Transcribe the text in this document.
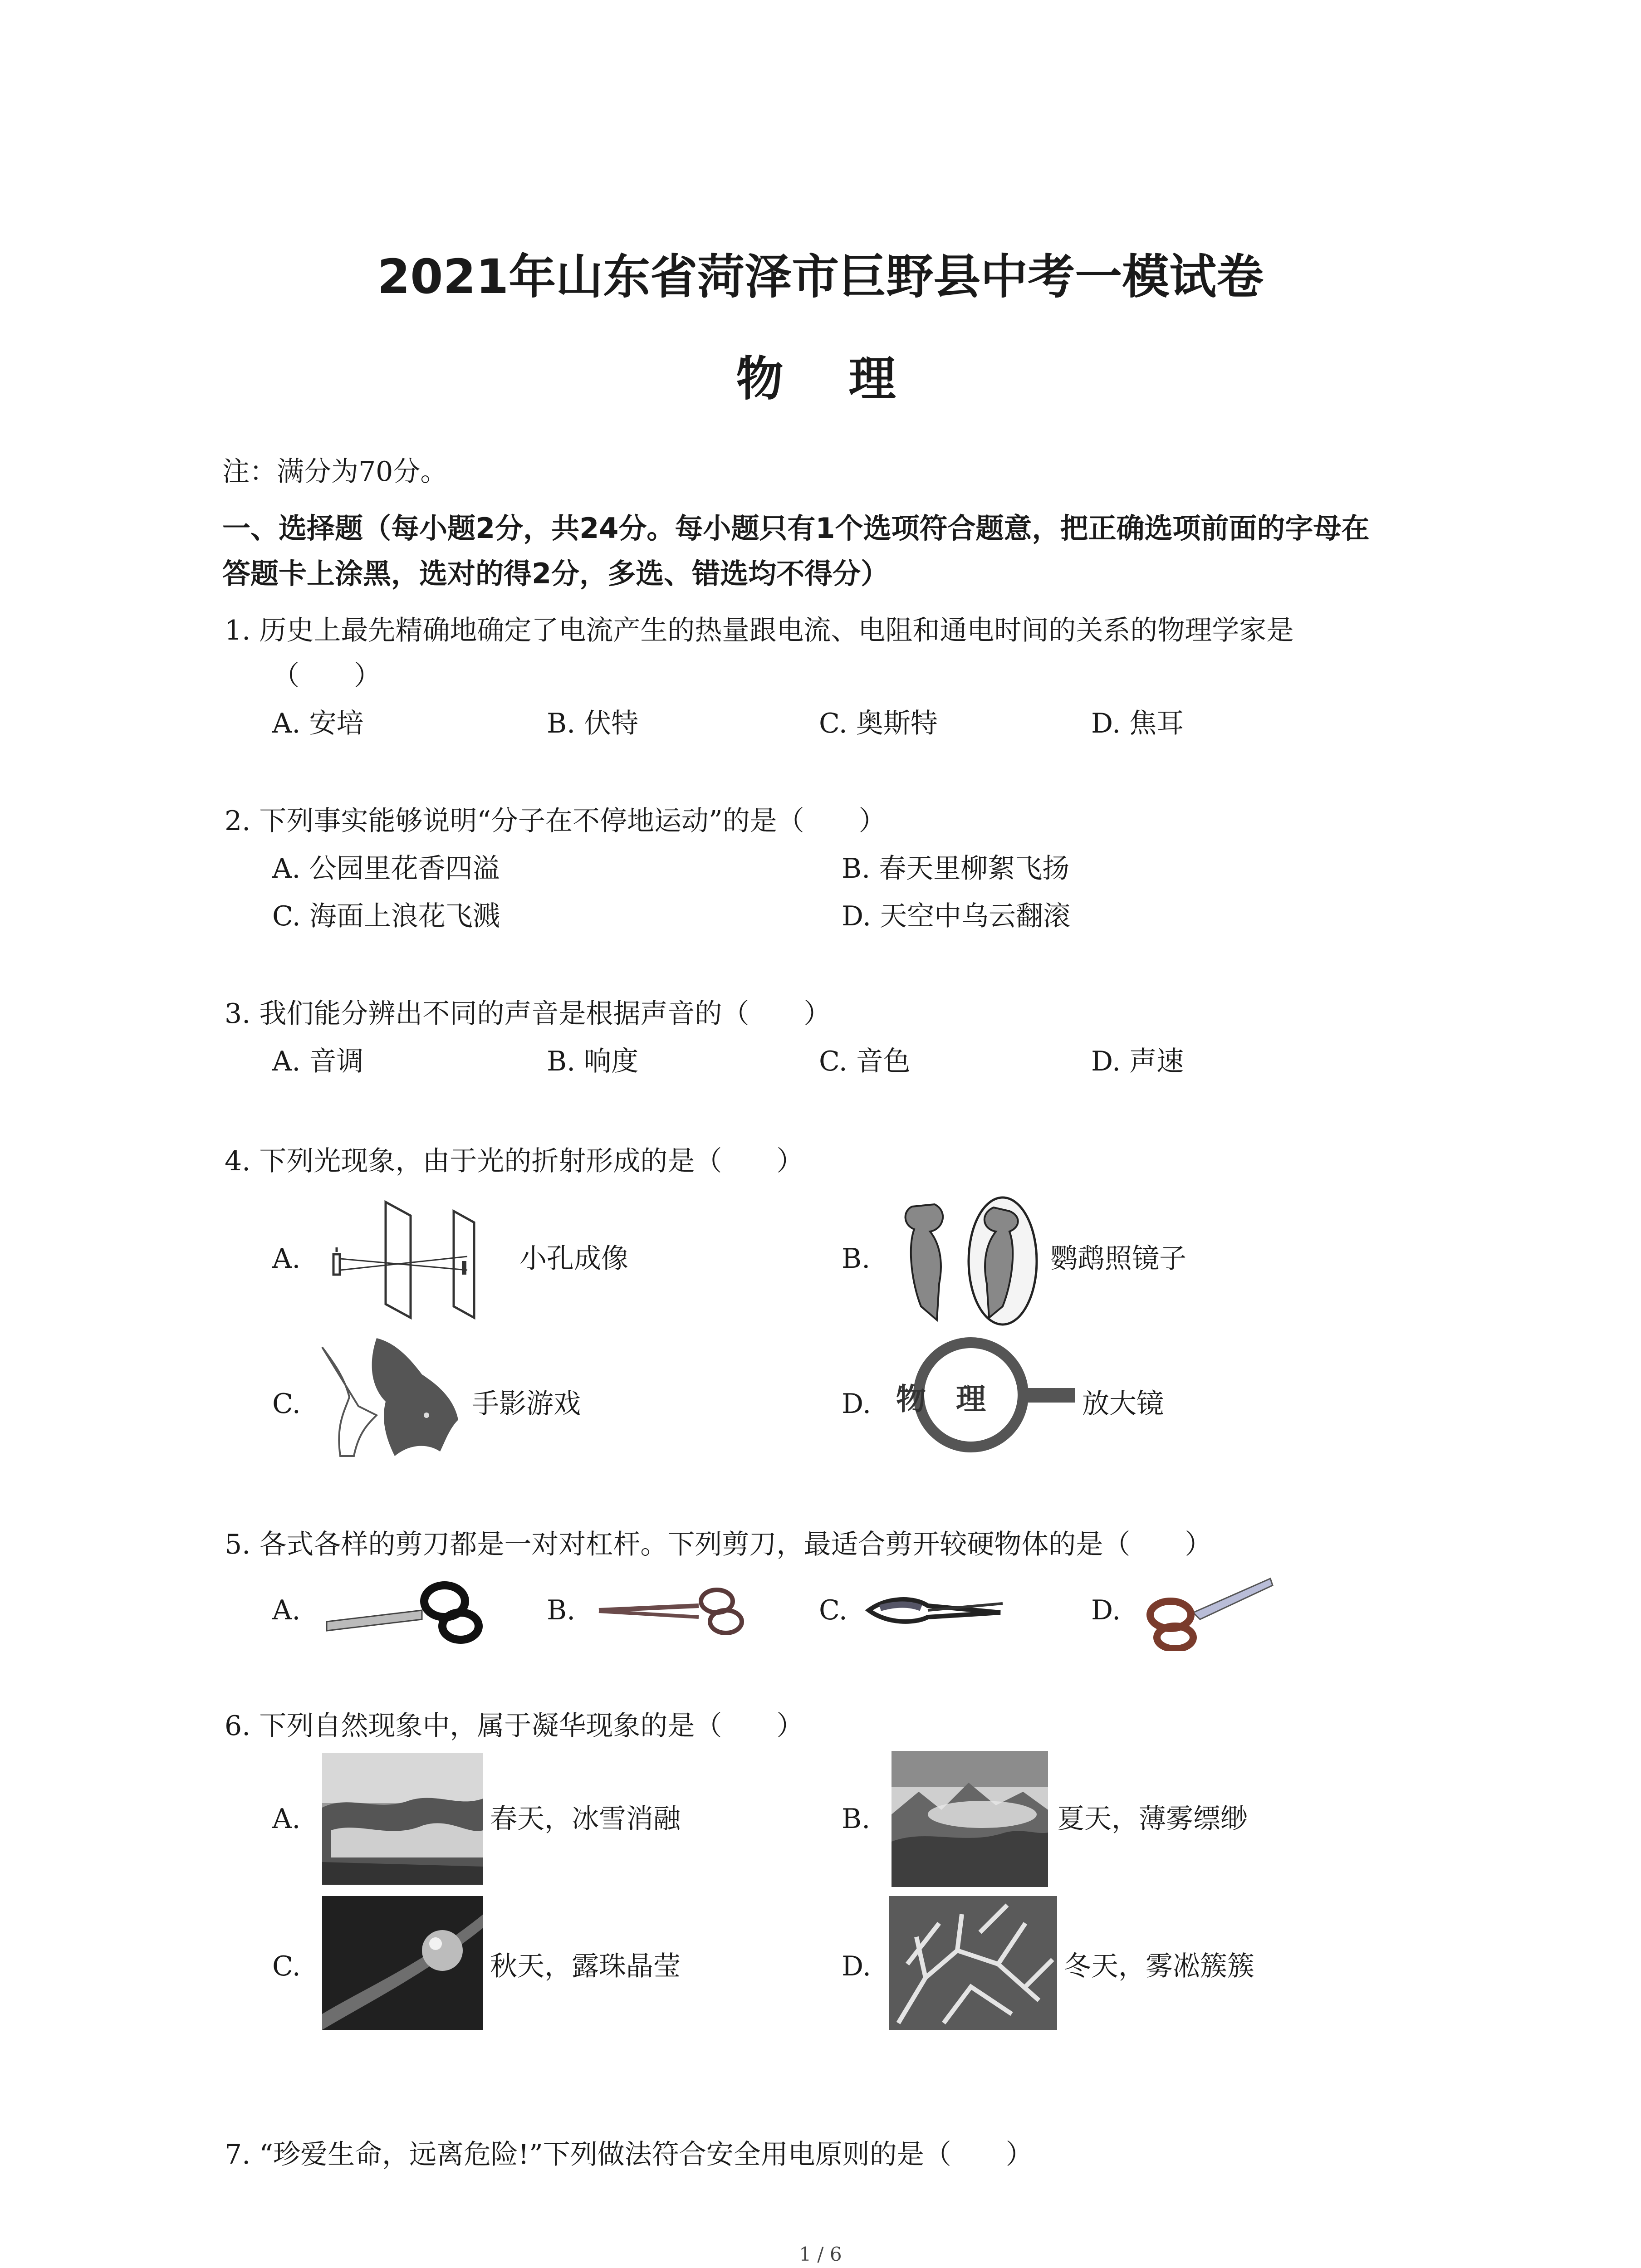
2021年山东省菏泽市巨野县中考一模试卷
物　理
注：满分为70分。
一、选择题（每小题2分，共24分。每小题只有1个选项符合题意，把正确选项前面的字母在
答题卡上涂黑，选对的得2分，多选、错选均不得分）
1. 历史上最先精确地确定了电流产生的热量跟电流、电阻和通电时间的关系的物理学家是
（　　）
A. 安培	B. 伏特	C. 奥斯特	D. 焦耳
2. 下列事实能够说明“分子在不停地运动”的是（　　）
A. 公园里花香四溢	B. 春天里柳絮飞扬
C. 海面上浪花飞溅	D. 天空中乌云翻滚
3. 我们能分辨出不同的声音是根据声音的（　　）
A. 音调	B. 响度	C. 音色	D. 声速
4. 下列光现象，由于光的折射形成的是（　　）
A.	小孔成像	B.	鹦鹉照镜子
C.	手影游戏	D. 物　理	放大镜
5. 各式各样的剪刀都是一对对杠杆。下列剪刀，最适合剪开较硬物体的是（　　）
A.	B.	C.	D.
6. 下列自然现象中，属于凝华现象的是（　　）
A.	春天，冰雪消融	B.	夏天，薄雾缥缈
C.	秋天，露珠晶莹	D.	冬天，雾凇簇簇
7. “珍爱生命，远离危险!”下列做法符合安全用电原则的是（　　）
1 / 6
